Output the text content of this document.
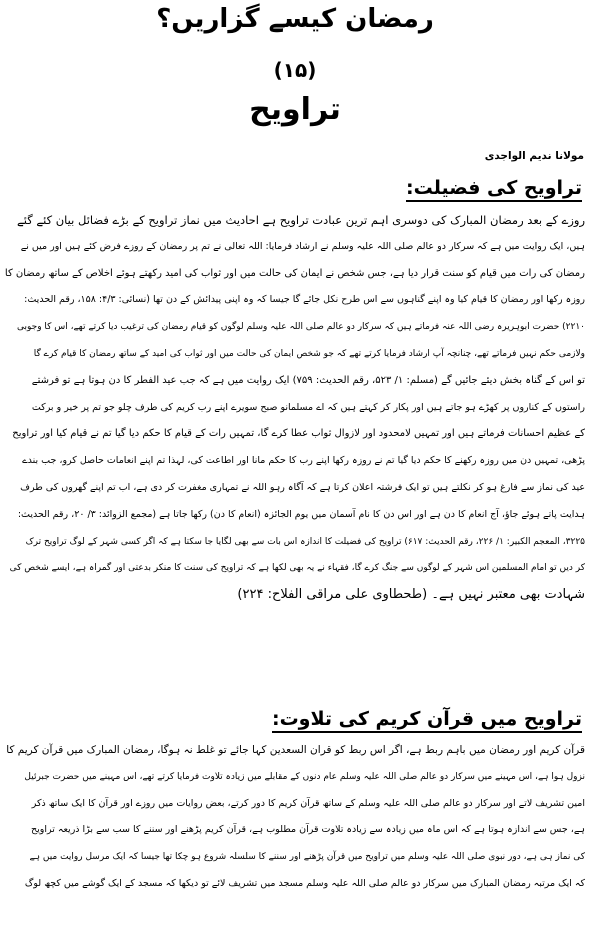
رمضان کیسے گزاریں؟
(۱۵)
تراویح
مولانا ندیم الواجدی
تراویح کی فضیلت:
روزے کے بعد رمضان المبارک کی دوسری اہم ترین عبادت تراویح ہے احادیث میں نماز تراویح کے بڑے فضائل بیان کئے گئے
ہیں، ایک روایت میں ہے کہ سرکار دو عالم صلی اللہ علیہ وسلم نے ارشاد فرمایا: اللہ تعالی نے تم پر رمضان کے روزے فرض کئے ہیں اور میں نے
رمضان کی رات میں قیام کو سنت قرار دیا ہے، جس شخص نے ایمان کی حالت میں اور ثواب کی امید رکھتے ہوئے اخلاص کے ساتھ رمضان کا
روزہ رکھا اور رمضان کا قیام کیا وہ اپنے گناہوں سے اس طرح نکل جائے گا جیسا کہ وہ اپنی پیدائش کے دن تھا (نسائی: ۴/۳: ۱۵۸، رقم الحدیث:
۲۲۱۰) حضرت ابوہریرہ رضی اللہ عنہ فرماتے ہیں کہ سرکار دو عالم صلی اللہ علیہ وسلم لوگوں کو قیام رمضان کی ترغیب دیا کرتے تھے، اس کا وجوبی
ولازمی حکم نہیں فرماتے تھے، چنانچہ آپ ارشاد فرمایا کرتے تھے کہ جو شخص ایمان کی حالت میں اور ثواب کی امید کے ساتھ رمضان کا قیام کرے گا
تو اس کے گناہ بخش دیئے جائیں گے (مسلم: ۱/ ۵۲۳، رقم الحدیث: ۷۵۹) ایک روایت میں ہے کہ جب عید الفطر کا دن ہوتا ہے تو فرشتے
راستوں کے کناروں پر کھڑے ہو جاتے ہیں اور پکار کر کہتے ہیں کہ اے مسلمانو صبح سویرے اپنے رب کریم کی طرف چلو جو تم پر خیر و برکت
کے عظیم احسانات فرماتے ہیں اور تمہیں لامحدود اور لازوال ثواب عطا کرے گا، تمہیں رات کے قیام کا حکم دیا گیا تم نے قیام کیا اور تراویح
پڑھی، تمہیں دن میں روزہ رکھنے کا حکم دیا گیا تم نے روزہ رکھا اپنے رب کا حکم مانا اور اطاعت کی، لہذا تم اپنے انعامات حاصل کرو، جب بندے
عید کی نماز سے فارغ ہو کر نکلتے ہیں تو ایک فرشتہ اعلان کرتا ہے کہ آگاہ رہو اللہ نے تمہاری مغفرت کر دی ہے، اب تم اپنے گھروں کی طرف
ہدایت پاتے ہوئے جاؤ، آج انعام کا دن ہے اور اس دن کا نام آسمان میں یوم الجائزہ (انعام کا دن) رکھا جاتا ہے (مجمع الزوائد: ۳/ ۲۰، رقم الحدیث:
۳۲۲۵، المعجم الکبیر: ۱/ ۲۲۶، رقم الحدیث: ۶۱۷) تراویح کی فضیلت کا اندازہ اس بات سے بھی لگایا جا سکتا ہے کہ اگر کسی شہر کے لوگ تراویح ترک
کر دیں تو امام المسلمین اس شہر کے لوگوں سے جنگ کرے گا، فقہاء نے یہ بھی لکھا ہے کہ تراویح کی سنت کا منکر بدعتی اور گمراہ ہے، ایسے شخص کی
شہادت بھی معتبر نہیں ہے۔ (طحطاوی علی مراقی الفلاح: ۲۲۴)
تراویح میں قرآن کریم کی تلاوت:
قرآن کریم اور رمضان میں باہم ربط ہے، اگر اس ربط کو قران السعدین کہا جائے تو غلط نہ ہوگا، رمضان المبارک میں قرآن کریم کا
نزول ہوا ہے، اس مہینے میں سرکار دو عالم صلی اللہ علیہ وسلم عام دنوں کے مقابلے میں زیادہ تلاوت فرمایا کرتے تھے، اس مہینے میں حضرت جبرئیل
امین تشریف لاتے اور سرکار دو عالم صلی اللہ علیہ وسلم کے ساتھ قرآن کریم کا دور کرتے، بعض روایات میں روزے اور قرآن کا ایک ساتھ ذکر
ہے، جس سے اندازہ ہوتا ہے کہ اس ماہ میں زیادہ سے زیادہ تلاوت قرآن مطلوب ہے، قرآن کریم پڑھنے اور سننے کا سب سے بڑا ذریعہ تراویح
کی نماز ہی ہے، دور نبوی صلی اللہ علیہ وسلم میں تراویح میں قرآن پڑھنے اور سننے کا سلسلہ شروع ہو چکا تھا جیسا کہ ایک مرسل روایت میں ہے
کہ ایک مرتبہ رمضان المبارک میں سرکار دو عالم صلی اللہ علیہ وسلم مسجد میں تشریف لائے تو دیکھا کہ مسجد کے ایک گوشے میں کچھ لوگ
